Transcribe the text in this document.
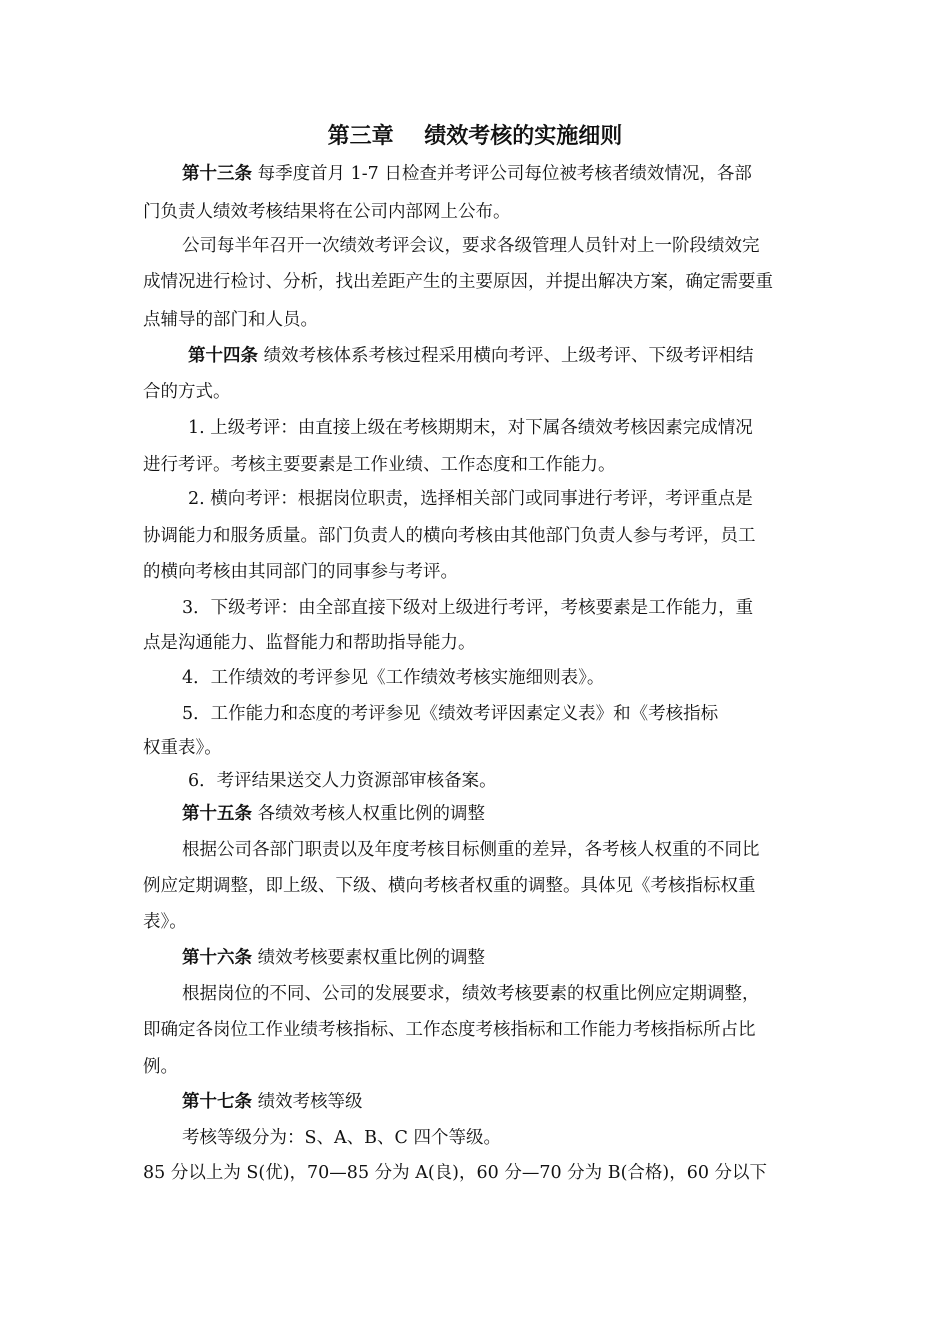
第三章    绩效考核的实施细则
第十三条 每季度首月 1-7 日检查并考评公司每位被考核者绩效情况，各部
门负责人绩效考核结果将在公司内部网上公布。
公司每半年召开一次绩效考评会议，要求各级管理人员针对上一阶段绩效完
成情况进行检讨、分析，找出差距产生的主要原因，并提出解决方案，确定需要重
点辅导的部门和人员。
第十四条 绩效考核体系考核过程采用横向考评、上级考评、下级考评相结
合的方式。
1. 上级考评：由直接上级在考核期期末，对下属各绩效考核因素完成情况
进行考评。考核主要要素是工作业绩、工作态度和工作能力。
2. 横向考评：根据岗位职责，选择相关部门或同事进行考评，考评重点是
协调能力和服务质量。部门负责人的横向考核由其他部门负责人参与考评，员工
的横向考核由其同部门的同事参与考评。
3．下级考评：由全部直接下级对上级进行考评，考核要素是工作能力，重
点是沟通能力、监督能力和帮助指导能力。
4．工作绩效的考评参见《工作绩效考核实施细则表》。
5．工作能力和态度的考评参见《绩效考评因素定义表》和《考核指标
权重表》。
6．考评结果送交人力资源部审核备案。
第十五条 各绩效考核人权重比例的调整
根据公司各部门职责以及年度考核目标侧重的差异，各考核人权重的不同比
例应定期调整，即上级、下级、横向考核者权重的调整。具体见《考核指标权重
表》。
第十六条 绩效考核要素权重比例的调整
根据岗位的不同、公司的发展要求，绩效考核要素的权重比例应定期调整，
即确定各岗位工作业绩考核指标、工作态度考核指标和工作能力考核指标所占比
例。
第十七条 绩效考核等级
考核等级分为：S、A、B、C 四个等级。
85 分以上为 S(优)，70—85 分为 A(良)，60 分—70 分为 B(合格)，60 分以下
